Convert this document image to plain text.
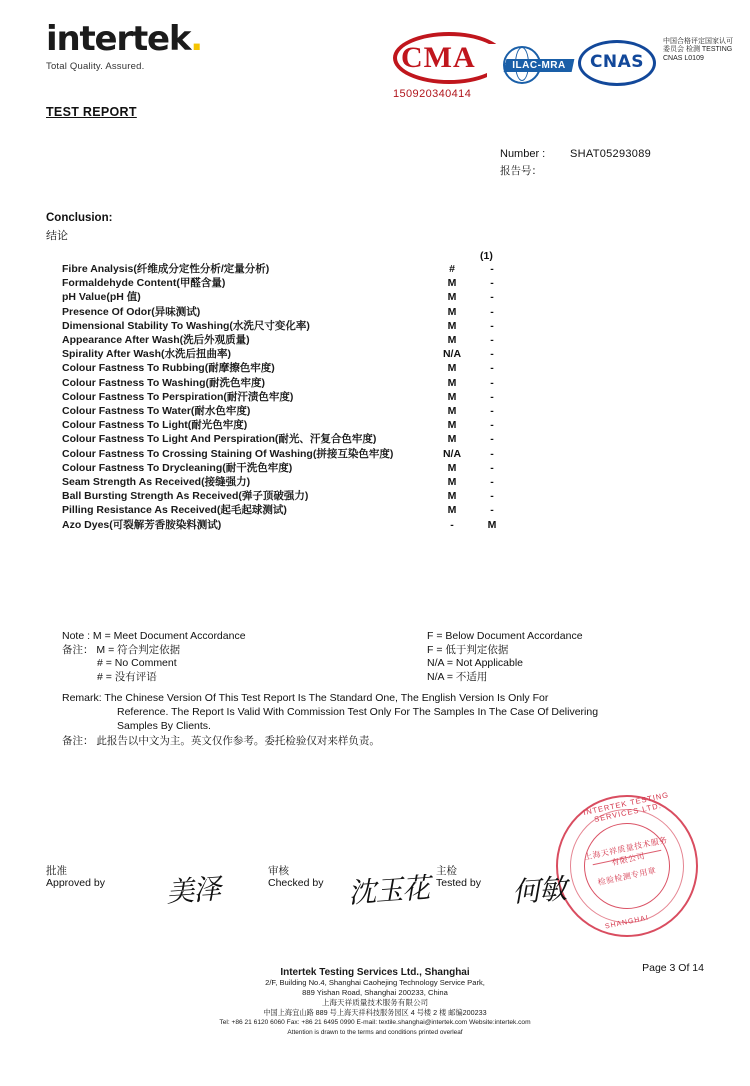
intertek.
Total Quality. Assured.	CMA
150920340414
ILAC-MRA	CNAS
中国合格评定国家认可委员会 检测 TESTING CNAS L0109
TEST REPORT
Number :	SHAT05293089
报告号：
Conclusion:
结论
(1)
Fibre Analysis(纤维成分定性分析/定量分析)	#	-
Formaldehyde Content(甲醛含量)	M	-
pH Value(pH 值)	M	-
Presence Of Odor(异味测试)	M	-
Dimensional Stability To Washing(水洗尺寸变化率)	M	-
Appearance After Wash(洗后外观质量)	M	-
Spirality After Wash(水洗后扭曲率)	N/A	-
Colour Fastness To Rubbing(耐摩擦色牢度)	M	-
Colour Fastness To Washing(耐洗色牢度)	M	-
Colour Fastness To Perspiration(耐汗渍色牢度)	M	-
Colour Fastness To Water(耐水色牢度)	M	-
Colour Fastness To Light(耐光色牢度)	M	-
Colour Fastness To Light And Perspiration(耐光、汗复合色牢度)	M	-
Colour Fastness To Crossing Staining Of Washing(拼接互染色牢度)	N/A	-
Colour Fastness To Drycleaning(耐干洗色牢度)	M	-
Seam Strength As Received(接缝强力)	M	-
Ball Bursting Strength As Received(弹子顶破强力)	M	-
Pilling Resistance As Received(起毛起球测试)	M	-
Azo Dyes(可裂解芳香胺染料测试)	-	M
Note : M = Meet Document Accordance	F = Below Document Accordance
备注： M = 符合判定依据	F = 低于判定依据
# = No Comment	N/A = Not Applicable
# = 没有评语	N/A = 不适用
Remark: The Chinese Version Of This Test Report Is The Standard One, The English Version Is Only For
Reference. The Report Is Valid With Commission Test Only For The Samples In The Case Of Delivering
Samples By Clients.
备注： 此报告以中文为主。英文仅作参考。委托检验仅对来样负责。
INTERTEK TESTING SERVICES LTD.
上海天祥质量技术服务有限公司
检验检测专用章
SHANGHAI
批准
Approved by 美泽
审核
Checked by 沈玉花
主检
Tested by 何敏
Page 3 Of 14
Intertek Testing Services Ltd., Shanghai
2/F, Building No.4, Shanghai Caohejing Technology Service Park,
889 Yishan Road, Shanghai 200233, China
上海天祥质量技术服务有限公司
中国上海宜山路 889 号上海天祥科技服务园区 4 号楼 2 楼 邮编200233
Tel: +86 21 6120 6060 Fax: +86 21 6495 0990 E-mail: textile.shanghai@intertek.com Website:intertek.com
Attention is drawn to the terms and conditions printed overleaf
